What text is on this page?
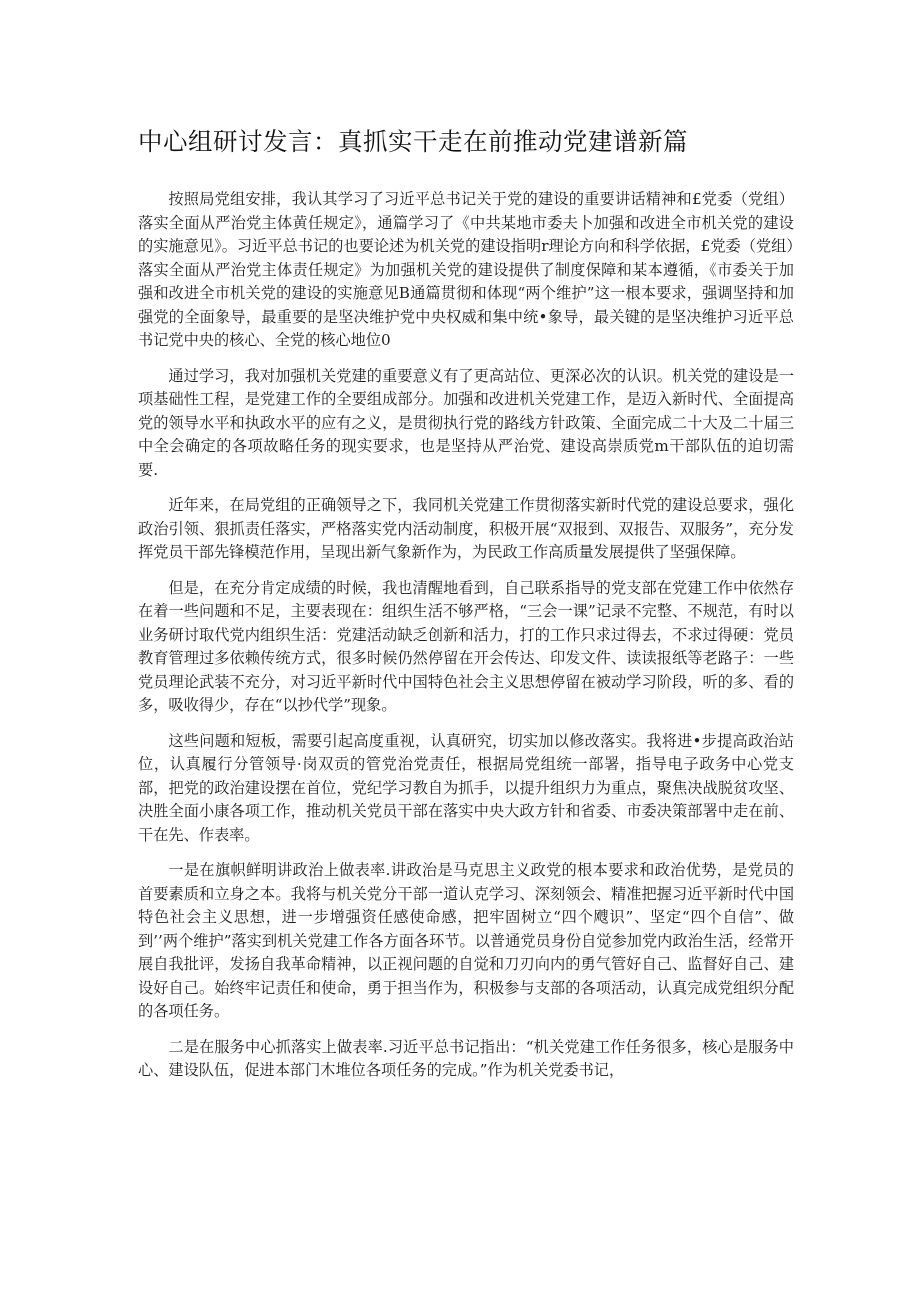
中心组研讨发言：真抓实干走在前推动党建谱新篇

按照局党组安排，我认其学习了习近平总书记关于党的建设的重要讲话精神和£党委（党组）落实全面从严治党主体黄任规定》，通篇学习了《中共某地市委夫卜加强和改进全市机关党的建设的实施意见》。习近平总书记的也要论述为机关党的建设指明r理论方向和科学依据，£党委（党组）落实全面从严治党主体责任规定》为加强机关党的建设提供了制度保障和某本遵循，《市委关于加强和改进全市机关党的建设的实施意见B通篇贯彻和体现“两个维护”这一根本要求，强调坚持和加强党的全面象导，最重要的是坚决维护党中央权威和集中统•象导，最关键的是坚决维护习近平总书记党中央的核心、全党的核心地位0

通过学习，我对加强机关党建的重要意义有了更高站位、更深必次的认识。机关党的建设是一项基础性工程，是党建工作的全要组成部分。加强和改进机关党建工作，是迈入新时代、全面提高党的领导水平和执政水平的应有之义，是贯彻执行党的路线方针政策、全面完成二十大及二十届三中全会确定的各项故略任务的现实要求，也是坚持从严治党、建设高崇质党m干部队伍的迫切需要.

近年来，在局党组的正确领导之下，我同机关党建工作贯彻落实新时代党的建设总要求，强化政治引领、狠抓责任落实，严格落实党内活动制度，积极开展“双报到、双报告、双服务”，充分发挥党员干部先锋模范作用，呈现出新气象新作为，为民政工作高质量发展提供了坚强保障。

但是，在充分肯定成绩的时候，我也清醒地看到，自己联系指导的党支部在党建工作中依然存在着一些问题和不足，主要表现在：组织生活不够严格，“三会一课”记录不完整、不规范，有时以业务研讨取代党内组织生活：党建活动缺乏创新和活力，打的工作只求过得去，不求过得硬：党员教育管理过多依赖传统方式，很多时候仍然停留在开会传达、印发文件、读读报纸等老路子：一些党员理论武装不充分，对习近平新时代中国特色社会主义思想停留在被动学习阶段，听的多、看的多，吸收得少，存在“以抄代学”现象。

这些问题和短板，需要引起高度重视，认真研究，切实加以修改落实。我将进•步提高政治站位，认真履行分管领导·岗双贡的管党治党责任，根据局党组统一部署，指导电子政务中心党支部，把党的政治建设摆在首位，党纪学习教自为抓手，以提升组织力为重点，聚焦决战脱贫攻坚、决胜全面小康各项工作，推动机关党员干部在落实中央大政方针和省委、市委决策部署中走在前、干在先、作表率。

一是在旗帜鲜明讲政治上做表率.讲政治是马克思主义政党的根本要求和政治优势，是党员的首要素质和立身之本。我将与机关党分干部一道认克学习、深刻领会、精准把握习近平新时代中国特色社会主义思想，进一步增强资任感使命感，把牢固树立“四个飕识”、坚定“四个自信”、做到’’两个维护”落实到机关党建工作各方面各环节。以普通党员身份自觉参加党内政治生活，经常开展自我批评，发扬自我革命精神，以正视问题的自觉和刀刃向内的勇气管好自己、监督好自己、建设好自己。始终牢记责任和使命，勇于担当作为，积极参与支部的各项活动，认真完成党组织分配的各项任务。

二是在服务中心抓落实上做表率.习近平总书记指出：“机关党建工作任务很多，核心是服务中心、建设队伍，促进本部门木堆位各项任务的完成。”作为机关党委书记，
